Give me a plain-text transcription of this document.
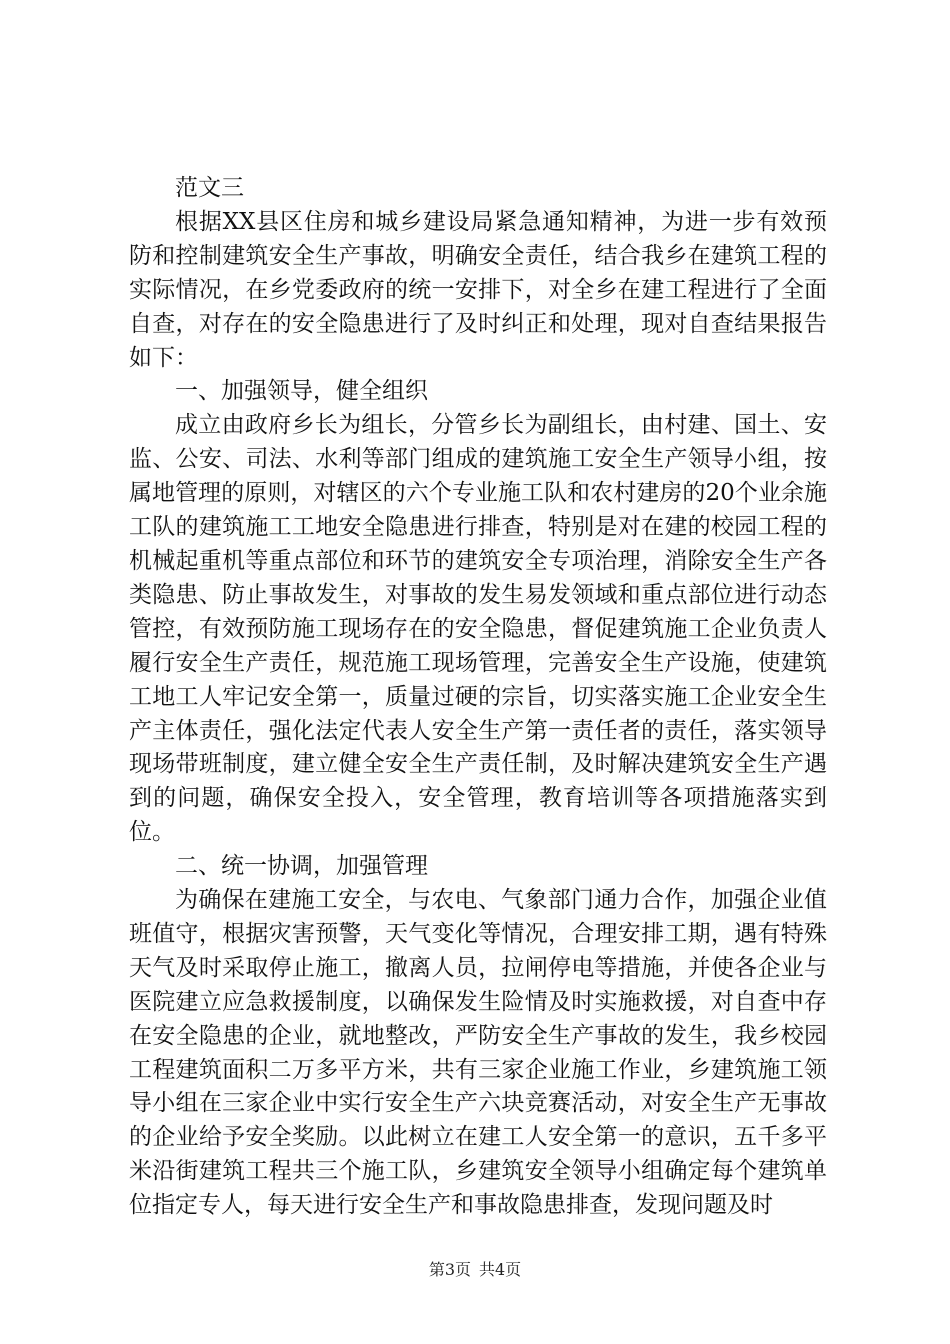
范文三

根据XX县区住房和城乡建设局紧急通知精神，为进一步有效预防和控制建筑安全生产事故，明确安全责任，结合我乡在建筑工程的实际情况，在乡党委政府的统一安排下，对全乡在建工程进行了全面自查，对存在的安全隐患进行了及时纠正和处理，现对自查结果报告如下：

一、加强领导，健全组织

成立由政府乡长为组长，分管乡长为副组长，由村建、国土、安监、公安、司法、水利等部门组成的建筑施工安全生产领导小组，按属地管理的原则，对辖区的六个专业施工队和农村建房的20个业余施工队的建筑施工工地安全隐患进行排查，特别是对在建的校园工程的机械起重机等重点部位和环节的建筑安全专项治理，消除安全生产各类隐患、防止事故发生，对事故的发生易发领域和重点部位进行动态管控，有效预防施工现场存在的安全隐患，督促建筑施工企业负责人履行安全生产责任，规范施工现场管理，完善安全生产设施，使建筑工地工人牢记安全第一，质量过硬的宗旨，切实落实施工企业安全生产主体责任，强化法定代表人安全生产第一责任者的责任，落实领导现场带班制度，建立健全安全生产责任制，及时解决建筑安全生产遇到的问题，确保安全投入，安全管理，教育培训等各项措施落实到位。

二、统一协调，加强管理

为确保在建施工安全，与农电、气象部门通力合作，加强企业值班值守，根据灾害预警，天气变化等情况，合理安排工期，遇有特殊天气及时采取停止施工，撤离人员，拉闸停电等措施，并使各企业与医院建立应急救援制度，以确保发生险情及时实施救援，对自查中存在安全隐患的企业，就地整改，严防安全生产事故的发生，我乡校园工程建筑面积二万多平方米，共有三家企业施工作业，乡建筑施工领导小组在三家企业中实行安全生产六块竞赛活动，对安全生产无事故的企业给予安全奖励。以此树立在建工人安全第一的意识，五千多平米沿街建筑工程共三个施工队，乡建筑安全领导小组确定每个建筑单位指定专人，每天进行安全生产和事故隐患排查，发现问题及时

第3页 共4页
